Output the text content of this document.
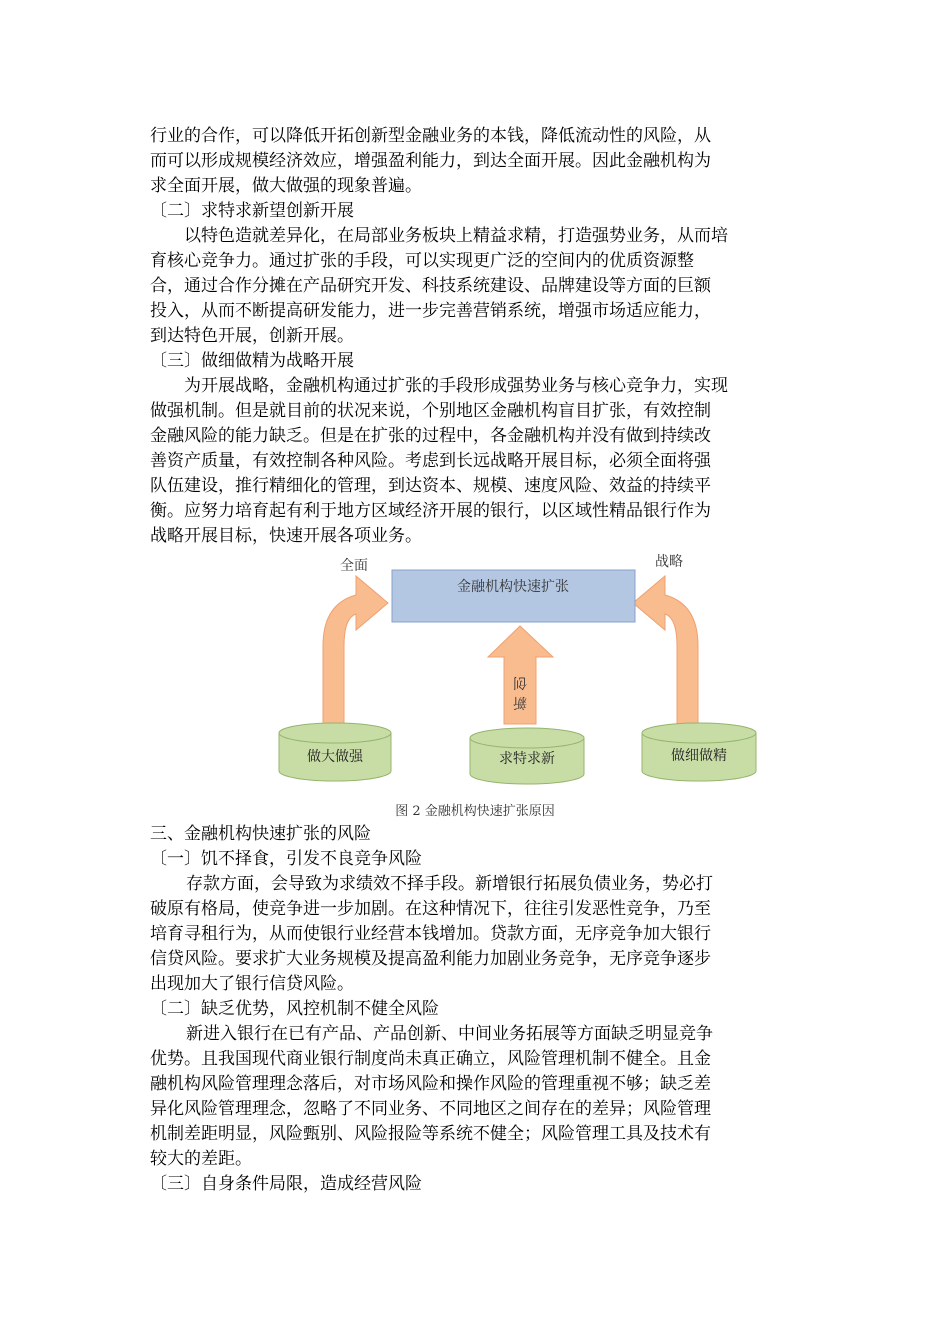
行业的合作，可以降低开拓创新型金融业务的本钱，降低流动性的风险，从
而可以形成规模经济效应，增强盈利能力，到达全面开展。因此金融机构为
求全面开展，做大做强的现象普遍。
〔二〕求特求新望创新开展
以特色造就差异化，在局部业务板块上精益求精，打造强势业务，从而培
育核心竞争力。通过扩张的手段，可以实现更广泛的空间内的优质资源整
合，通过合作分摊在产品研究开发、科技系统建设、品牌建设等方面的巨额
投入，从而不断提高研发能力，进一步完善营销系统，增强市场适应能力，
到达特色开展，创新开展。
〔三〕做细做精为战略开展
为开展战略，金融机构通过扩张的手段形成强势业务与核心竞争力，实现
做强机制。但是就目前的状况来说，个别地区金融机构盲目扩张，有效控制
金融风险的能力缺乏。但是在扩张的过程中，各金融机构并没有做到持续改
善资产质量，有效控制各种风险。考虑到长远战略开展目标，必须全面将强
队伍建设，推行精细化的管理，到达资本、规模、速度风险、效益的持续平
衡。应努力培育起有利于地方区域经济开展的银行，以区域性精品银行作为
战略开展目标，快速开展各项业务。
金融机构快速扩张
全面	战略
新创
做大做强	求特求新	做细做精
图 2 金融机构快速扩张原因
三、金融机构快速扩张的风险
〔一〕饥不择食，引发不良竞争风险
存款方面，会导致为求绩效不择手段。新增银行拓展负债业务，势必打
破原有格局，使竞争进一步加剧。在这种情况下，往往引发恶性竞争，乃至
培育寻租行为，从而使银行业经营本钱增加。贷款方面，无序竞争加大银行
信贷风险。要求扩大业务规模及提高盈利能力加剧业务竞争，无序竞争逐步
出现加大了银行信贷风险。
〔二〕缺乏优势，风控机制不健全风险
新进入银行在已有产品、产品创新、中间业务拓展等方面缺乏明显竞争
优势。且我国现代商业银行制度尚未真正确立，风险管理机制不健全。且金
融机构风险管理理念落后，对市场风险和操作风险的管理重视不够；缺乏差
异化风险管理理念，忽略了不同业务、不同地区之间存在的差异；风险管理
机制差距明显，风险甄别、风险报险等系统不健全；风险管理工具及技术有
较大的差距。
〔三〕自身条件局限，造成经营风险
